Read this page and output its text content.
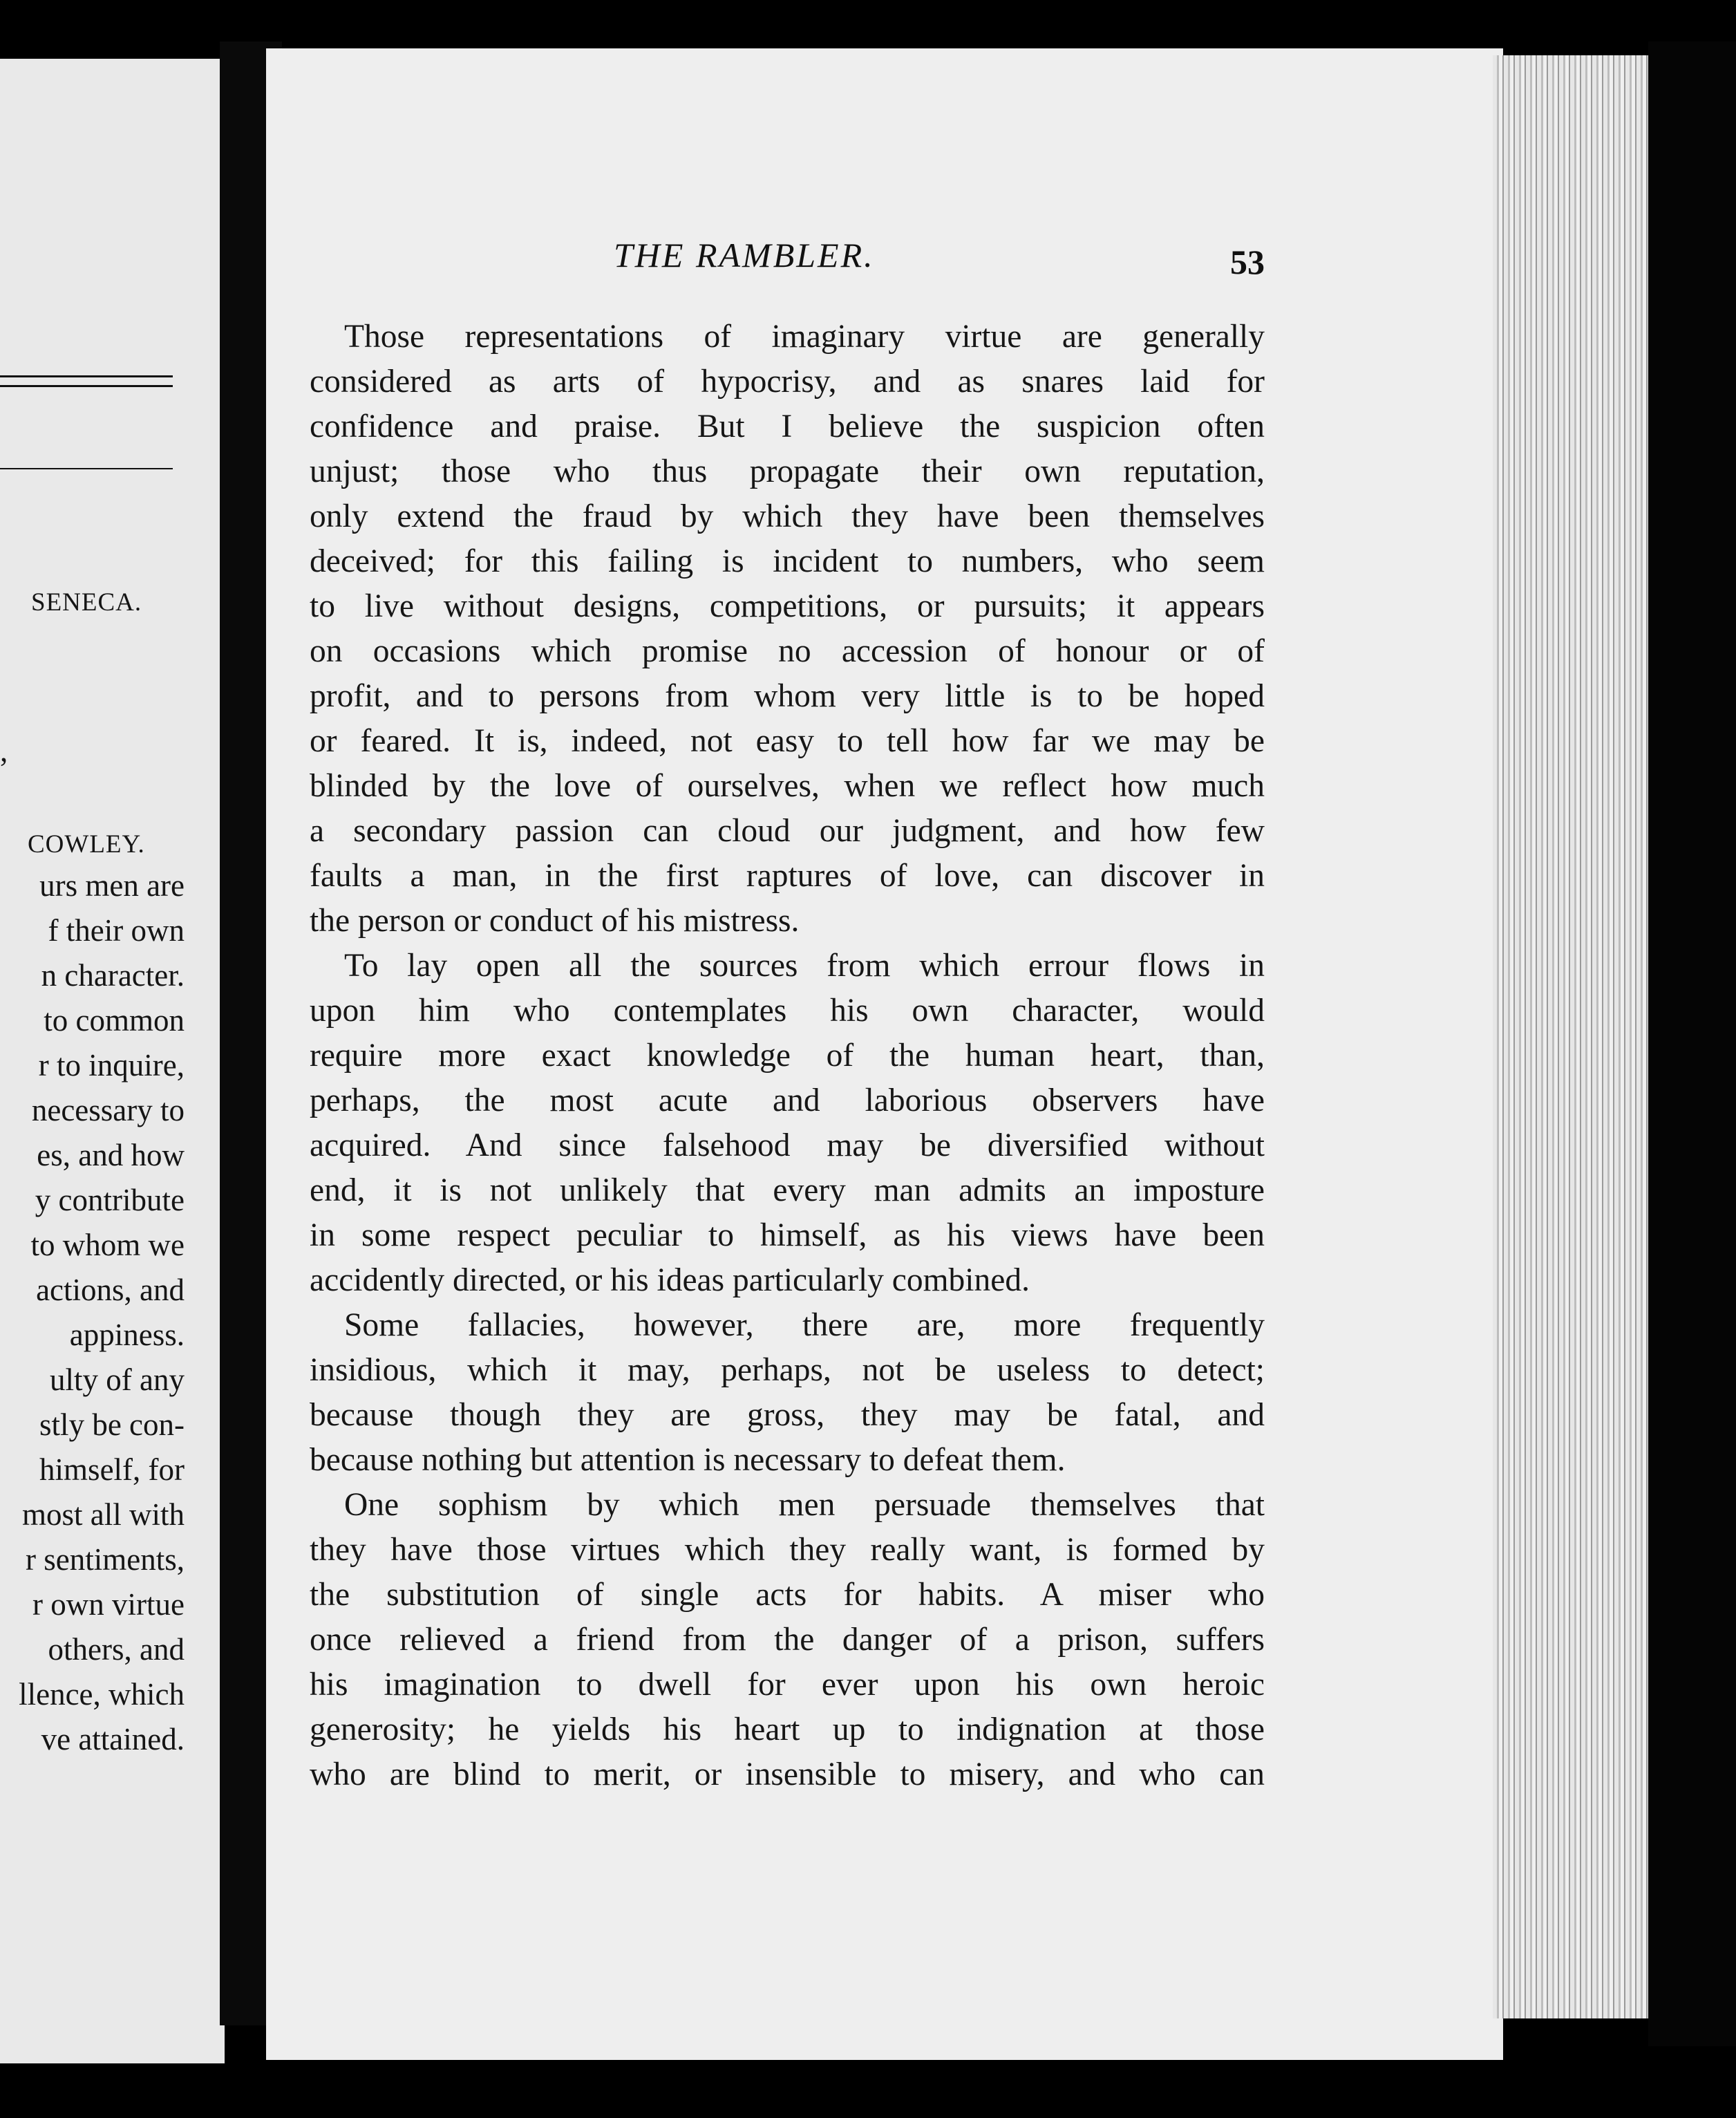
SENECA.
,
COWLEY.
urs men are
f their own
n character.
to common
r to inquire,
necessary to
es, and how
y contribute
to whom we
actions, and
appiness.
ulty of any
stly be con-
himself, for
most all with
r sentiments,
r own virtue
others, and
llence, which
ve attained.
THE RAMBLER.	53
Those representations of imaginary virtue are generally
considered as arts of hypocrisy, and as snares laid for
confidence and praise. But I believe the suspicion often
unjust; those who thus propagate their own reputation,
only extend the fraud by which they have been themselves
deceived; for this failing is incident to numbers, who seem
to live without designs, competitions, or pursuits; it appears
on occasions which promise no accession of honour or of
profit, and to persons from whom very little is to be hoped
or feared. It is, indeed, not easy to tell how far we may be
blinded by the love of ourselves, when we reflect how much
a secondary passion can cloud our judgment, and how few
faults a man, in the first raptures of love, can discover in
the person or conduct of his mistress.
To lay open all the sources from which errour flows in
upon him who contemplates his own character, would
require more exact knowledge of the human heart, than,
perhaps, the most acute and laborious observers have
acquired. And since falsehood may be diversified without
end, it is not unlikely that every man admits an imposture
in some respect peculiar to himself, as his views have been
accidently directed, or his ideas particularly combined.
Some fallacies, however, there are, more frequently
insidious, which it may, perhaps, not be useless to detect;
because though they are gross, they may be fatal, and
because nothing but attention is necessary to defeat them.
One sophism by which men persuade themselves that
they have those virtues which they really want, is formed by
the substitution of single acts for habits. A miser who
once relieved a friend from the danger of a prison, suffers
his imagination to dwell for ever upon his own heroic
generosity; he yields his heart up to indignation at those
who are blind to merit, or insensible to misery, and who can
